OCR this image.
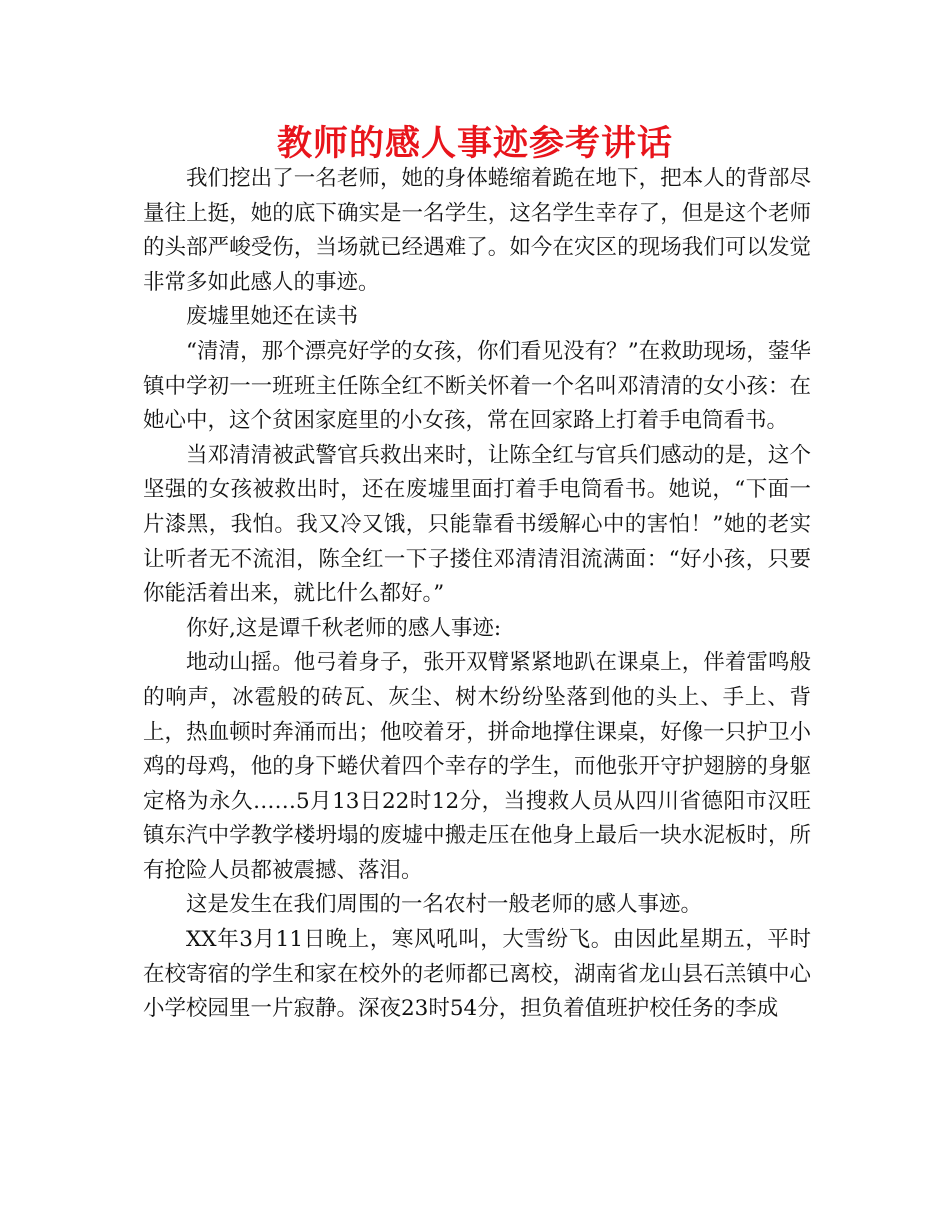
教师的感人事迹参考讲话

我们挖出了一名老师，她的身体蜷缩着跪在地下，把本人的背部尽量往上挺，她的底下确实是一名学生，这名学生幸存了，但是这个老师的头部严峻受伤，当场就已经遇难了。如今在灾区的现场我们可以发觉非常多如此感人的事迹。

废墟里她还在读书

“清清，那个漂亮好学的女孩，你们看见没有？”在救助现场，蓥华镇中学初一一班班主任陈全红不断关怀着一个名叫邓清清的女小孩：在她心中，这个贫困家庭里的小女孩，常在回家路上打着手电筒看书。

当邓清清被武警官兵救出来时，让陈全红与官兵们感动的是，这个坚强的女孩被救出时，还在废墟里面打着手电筒看书。她说，“下面一片漆黑，我怕。我又冷又饿，只能靠看书缓解心中的害怕！”她的老实让听者无不流泪，陈全红一下子搂住邓清清泪流满面：“好小孩，只要你能活着出来，就比什么都好。”

你好,这是谭千秋老师的感人事迹:

地动山摇。他弓着身子，张开双臂紧紧地趴在课桌上，伴着雷鸣般的响声，冰雹般的砖瓦、灰尘、树木纷纷坠落到他的头上、手上、背上，热血顿时奔涌而出；他咬着牙，拼命地撑住课桌，好像一只护卫小鸡的母鸡，他的身下蜷伏着四个幸存的学生，而他张开守护翅膀的身躯定格为永久……5月13日22时12分，当搜救人员从四川省德阳市汉旺镇东汽中学教学楼坍塌的废墟中搬走压在他身上最后一块水泥板时，所有抢险人员都被震撼、落泪。

这是发生在我们周围的一名农村一般老师的感人事迹。

XX年3月11日晚上，寒风吼叫，大雪纷飞。由因此星期五，平时在校寄宿的学生和家在校外的老师都已离校，湖南省龙山县石羔镇中心小学校园里一片寂静。深夜23时54分，担负着值班护校任务的李成
